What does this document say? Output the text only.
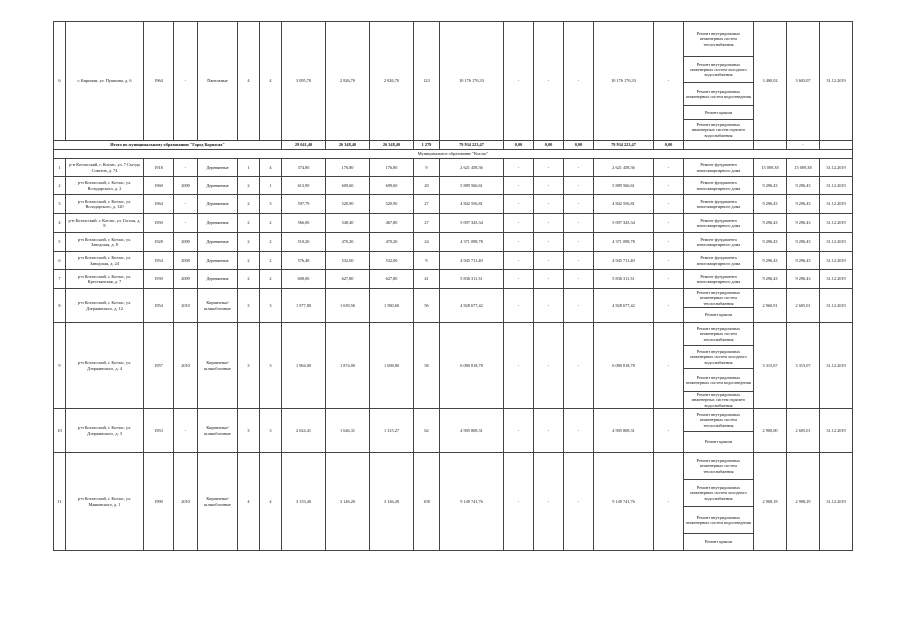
6	г. Кирпичи, ул. Пушкина, д. 6	1964	-	Панельные	4	4	3 095,70	2 826,70	2 826,70	123	10 176 176,33	-	-	-	10 176 176,33	-	Ремонт внутридомовых инженерных систем теплоснабжения	3 400,02	3 603,07	31.12.2019
																	Ремонт внутридомовых инженерных систем холодного водоснабжения			
																	Ремонт внутридомовых инженерных систем водоотведения			
																	Ремонт крыши			
																	Ремонт внутридомовых инженерных систем горячего водоснабжения			
Итого по муниципальному образованию "Город Коряжма"							29 041,40	26 348,40	26 348,40	1 279	79 934 223,47	0,00	0,00	0,00	79 934 223,47	0,00			-	
Муниципальное образование "Котлас"																				
1	р-н Котласский, г. Котлас, ул. 7 Съезда Советов, д. 74	1918	-	Деревянные	1	4	374,80	176,80	176,80	9	2 621 458,36	-	-	-	2 621 458,36	-	Ремонт фундамента многоквартирного дома	15 009,38	15 009,38	31.12.2019
2	р-н Котласский, г. Котлас, ул. Володарского, д. 2	1960	2009	Деревянные	2	1	613,90	609,60	609,60	20	5 889 566,61	-	-	-	5 889 566,61	-	Ремонт фундамента многоквартирного дома	9 296,43	9 296,43	31.12.2019
3	р-н Котласский, г. Котлас, ул. Володарского, д. 120	1964	-	Деревянные	2	3	597,79	520,90	520,90	27	4 842 556,81	-	-	-	4 842 556,81	-	Ремонт фундамента многоквартирного дома	9 296,43	9 296,43	31.12.2019
4	р-н Котласский, г. Котлас, ул. Гоголя, д. 8	1950	-	Деревянные	2	2	566,00	548,40	467,80	27	5 097 343,34	-	-	-	5 097 343,34	-	Ремонт фундамента многоквартирного дома	9 296,43	9 296,43	31.12.2019
5	р-н Котласский, г. Котлас, ул. Заводская, д. 8	1928	2009	Деревянные	2	2	510,20	470,20	470,20	24	4 371 098,78	-	-	-	4 371 098,78	-	Ремонт фундамента многоквартирного дома	9 296,43	9 296,43	31.12.2019
6	р-н Котласский, г. Котлас, ул. Заводская, д. 24	1954	2008	Деревянные	2	2	576,48	532,00	532,00	9	4 945 711,40	-	-	-	4 945 711,40	-	Ремонт фундамента многоквартирного дома	9 296,43	9 296,43	31.12.2019
7	р-н Котласский, г. Котлас, ул. Крестьянская, д. 7	1939	2009	Деревянные	2	2	608,00	627,80	627,80	41	5 836 311,31	-	-	-	5 836 311,31	-	Ремонт фундамента многоквартирного дома	9 296,43	9 296,43	31.12.2019
8	р-н Котласский, г. Котлас, ул. Дзержинского, д. 12	1954	2010	Кирпичные/ шлакоблочные	3	3	1 977,80	1 639,56	1 580,60	56	4 828 677,42	-	-	-	4 828 677,42	-	Ремонт внутридомовых инженерных систем теплоснабжения	2 960,91	2 605,01	31.12.2019
																	Ремонт крыши			
9	р-н Котласский, г. Котлас, ул. Дзержинского, д. 4	1957	2010	Кирпичные/ шлакоблочные	3	3	1 964,00	1 874,00	1 698,80	58	6 080 818,78	-	-	-	6 080 818,78	-	Ремонт внутридомовых инженерных систем теплоснабжения	3 315,07	3 315,07	31.12.2019
																	Ремонт внутридомовых инженерных систем холодного водоснабжения			
																	Ремонт внутридомовых инженерных систем водоотведения			
																	Ремонт внутридомовых инженерных систем горячего водоснабжения			
10	р-н Котласский, г. Котлас, ул. Дзержинского, д. 3	1953	-	Кирпичные/ шлакоблочные	3	3	2 024,41	1 646,31	1 315,27	62	4 905 808,31	-	-	-	4 905 808,31	-	Ремонт внутридомовых инженерных систем теплоснабжения	2 900,00	2 605,01	31.12.2019
																	Ремонт крыши			
11	р-н Котласский, г. Котлас, ул. Маяковского, д. 1	1990	2010	Кирпичные/ шлакоблочные	4	4	3 153,40	3 146,20	3 146,20	108	9 149 741,76	-	-	-	9 149 741,76	-	Ремонт внутридомовых инженерных систем теплоснабжения	2 908,18	2 908,29	31.12.2019
																	Ремонт внутридомовых инженерных систем холодного водоснабжения			
																	Ремонт внутридомовых инженерных систем водоотведения			
																	Ремонт крыши			
